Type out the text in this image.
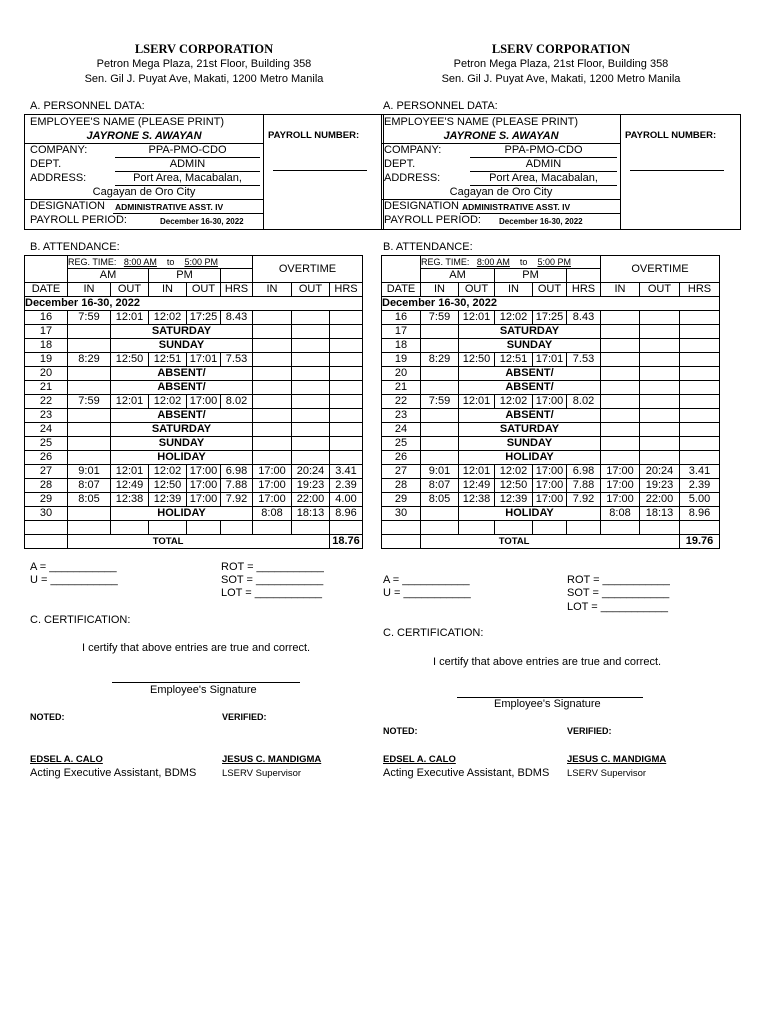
LSERV CORPORATION
Petron Mega Plaza, 21st Floor, Building 358
Sen. Gil J. Puyat Ave, Makati, 1200 Metro Manila
A. PERSONNEL DATA:
EMPLOYEE'S NAME (PLEASE PRINT)
JAYRONE S. AWAYAN	PAYROLL NUMBER:
COMPANY:	PPA-PMO-CDO
DEPT.	ADMIN
ADDRESS:	Port Area, Macabalan,
Cagayan de Oro City
DESIGNATION ADMINISTRATIVE ASST. IV
PAYROLL PERIOD:	December 16-30, 2022
B. ATTENDANCE:
	REG. TIME: 8:00 AM to 5:00 PM					OVERTIME		
	AM		PM					
DATE	IN	OUT	IN	OUT	HRS	IN	OUT	HRS
December 16-30, 2022								
16	7:59	12:01	12:02	17:25	8.43			
17		SATURDAY						
18		SUNDAY						
19	8:29	12:50	12:51	17:01	7.53			
20		ABSENT/						
21		ABSENT/						
22	7:59	12:01	12:02	17:00	8.02			
23		ABSENT/						
24		SATURDAY						
25		SUNDAY						
26		HOLIDAY						
27	9:01	12:01	12:02	17:00	6.98	17:00	20:24	3.41
28	8:07	12:49	12:50	17:00	7.88	17:00	19:23	2.39
29	8:05	12:38	12:39	17:00	7.92	17:00	22:00	4.00
30		HOLIDAY				8:08	18:13	8.96

	TOTAL							18.76
A = ___________
U = ___________
ROT = ___________
SOT = ___________
LOT = ___________
C. CERTIFICATION:
I certify that above entries are true and correct.
Employee's Signature
NOTED:	VERIFIED:
EDSEL A. CALO
Acting Executive Assistant, BDMS
JESUS C. MANDIGMA
LSERV Supervisor
LSERV CORPORATION
Petron Mega Plaza, 21st Floor, Building 358
Sen. Gil J. Puyat Ave, Makati, 1200 Metro Manila
A. PERSONNEL DATA:
EMPLOYEE'S NAME (PLEASE PRINT)
JAYRONE S. AWAYAN	PAYROLL NUMBER:
COMPANY:	PPA-PMO-CDO
DEPT.	ADMIN
ADDRESS:	Port Area, Macabalan,
Cagayan de Oro City
DESIGNATION ADMINISTRATIVE ASST. IV
PAYROLL PERIOD: December 16-30, 2022
B. ATTENDANCE:
	REG. TIME: 8:00 AM to 5:00 PM					OVERTIME		
	AM		PM					
DATE	IN	OUT	IN	OUT	HRS	IN	OUT	HRS
December 16-30, 2022								
16	7:59	12:01	12:02	17:25	8.43			
17		SATURDAY						
18		SUNDAY						
19	8:29	12:50	12:51	17:01	7.53			
20		ABSENT/						
21		ABSENT/						
22	7:59	12:01	12:02	17:00	8.02			
23		ABSENT/						
24		SATURDAY						
25		SUNDAY						
26		HOLIDAY						
27	9:01	12:01	12:02	17:00	6.98	17:00	20:24	3.41
28	8:07	12:49	12:50	17:00	7.88	17:00	19:23	2.39
29	8:05	12:38	12:39	17:00	7.92	17:00	22:00	5.00
30		HOLIDAY				8:08	18:13	8.96

	TOTAL							19.76
A = ___________
U = ___________
ROT = ___________
SOT = ___________
LOT = ___________
C. CERTIFICATION:
I certify that above entries are true and correct.
Employee's Signature
NOTED:	VERIFIED:
EDSEL A. CALO
Acting Executive Assistant, BDMS
JESUS C. MANDIGMA
LSERV Supervisor
